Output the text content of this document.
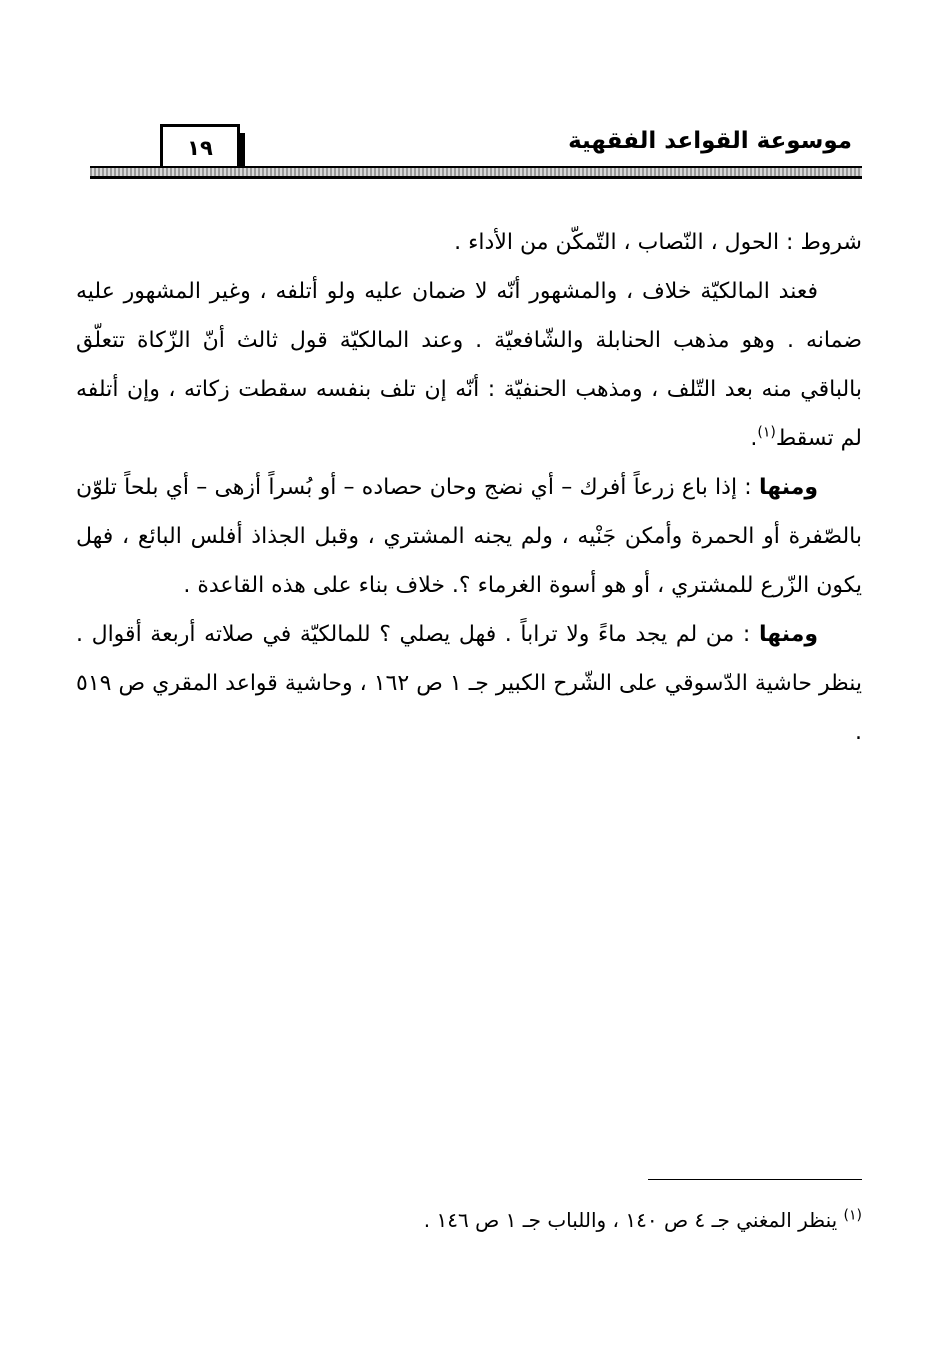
موسوعة القواعد الفقهية
١٩

شروط : الحول ، النّصاب ، التّمكّن من الأداء .

فعند المالكيّة خلاف ، والمشهور أنّه لا ضمان عليه ولو أتلفه ، وغير المشهور عليه ضمانه . وهو مذهب الحنابلة والشّافعيّة . وعند المالكيّة قول ثالث أنّ الزّكاة تتعلّق بالباقي منه بعد التّلف ، ومذهب الحنفيّة : أنّه إن تلف بنفسه سقطت زكاته ، وإن أتلفه لم تسقط$^{(١)}$.

ومنها : إذا باع زرعاً أفرك – أي نضج وحان حصاده – أو بُسراً أزهى – أي بلحاً تلوّن بالصّفرة أو الحمرة وأمكن جَنْيه ، ولم يجنه المشتري ، وقبل الجذاذ أفلس البائع ، فهل يكون الزّرع للمشتري ، أو هو أسوة الغرماء ؟. خلاف بناء على هذه القاعدة .

ومنها : من لم يجد ماءً ولا تراباً . فهل يصلي ؟ للمالكيّة في صلاته أربعة أقوال . ينظر حاشية الدّسوقي على الشّرح الكبير جـ ١ ص ١٦٢ ، وحاشية قواعد المقري ص ٥١٩ .

$^{(١)}$ ينظر المغني جـ ٤ ص ١٤٠ ، واللباب جـ ١ ص ١٤٦ .
